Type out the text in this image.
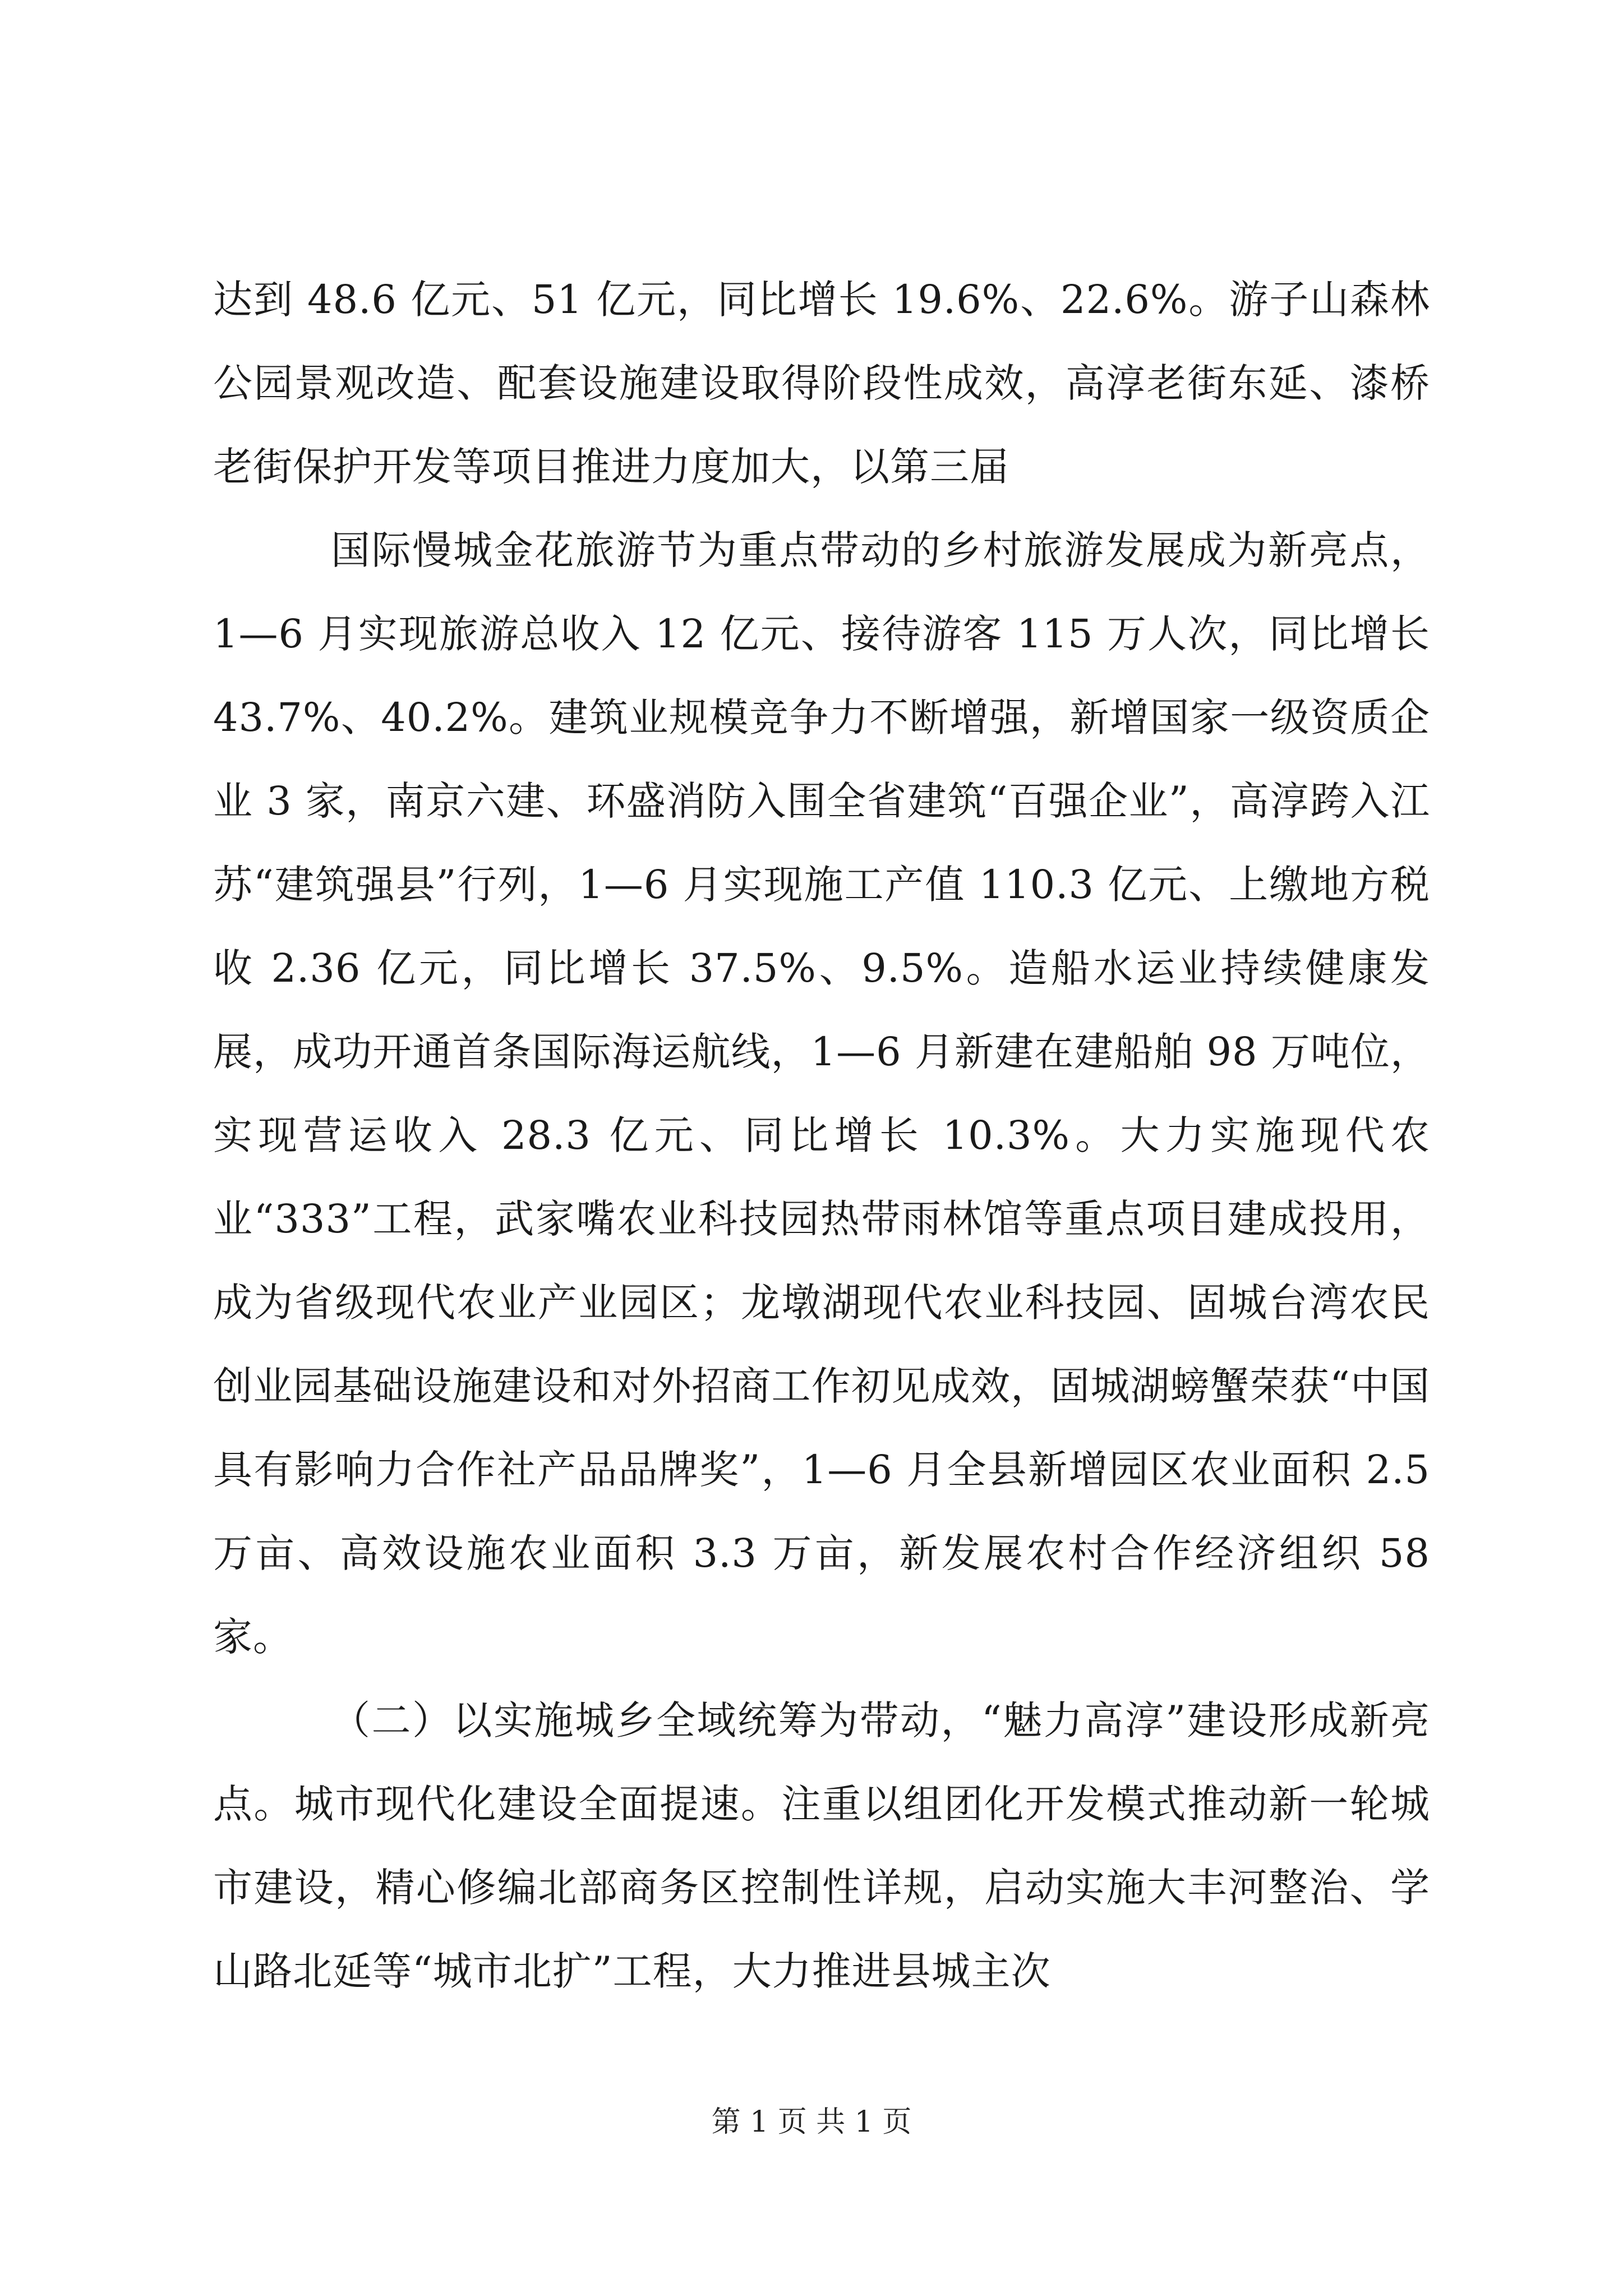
达到 48.6 亿元、51 亿元，同比增长 19.6%、22.6%。游子山森林公园景观改造、配套设施建设取得阶段性成效，高淳老街东延、漆桥老街保护开发等项目推进力度加大，以第三届

国际慢城金花旅游节为重点带动的乡村旅游发展成为新亮点，1—6 月实现旅游总收入 12 亿元、接待游客 115 万人次，同比增长 43.7%、40.2%。建筑业规模竞争力不断增强，新增国家一级资质企业 3 家，南京六建、环盛消防入围全省建筑“百强企业”，高淳跨入江苏“建筑强县”行列，1—6 月实现施工产值 110.3 亿元、上缴地方税收 2.36 亿元，同比增长 37.5%、9.5%。造船水运业持续健康发展，成功开通首条国际海运航线，1—6 月新建在建船舶 98 万吨位，实现营运收入 28.3 亿元、同比增长 10.3%。大力实施现代农业“333”工程，武家嘴农业科技园热带雨林馆等重点项目建成投用，成为省级现代农业产业园区；龙墩湖现代农业科技园、固城台湾农民创业园基础设施建设和对外招商工作初见成效，固城湖螃蟹荣获“中国具有影响力合作社产品品牌奖”，1—6 月全县新增园区农业面积 2.5 万亩、高效设施农业面积 3.3 万亩，新发展农村合作经济组织 58 家。

（二）以实施城乡全域统筹为带动，“魅力高淳”建设形成新亮点。城市现代化建设全面提速。注重以组团化开发模式推动新一轮城市建设，精心修编北部商务区控制性详规，启动实施大丰河整治、学山路北延等“城市北扩”工程，大力推进县城主次

第 1 页 共 1 页
